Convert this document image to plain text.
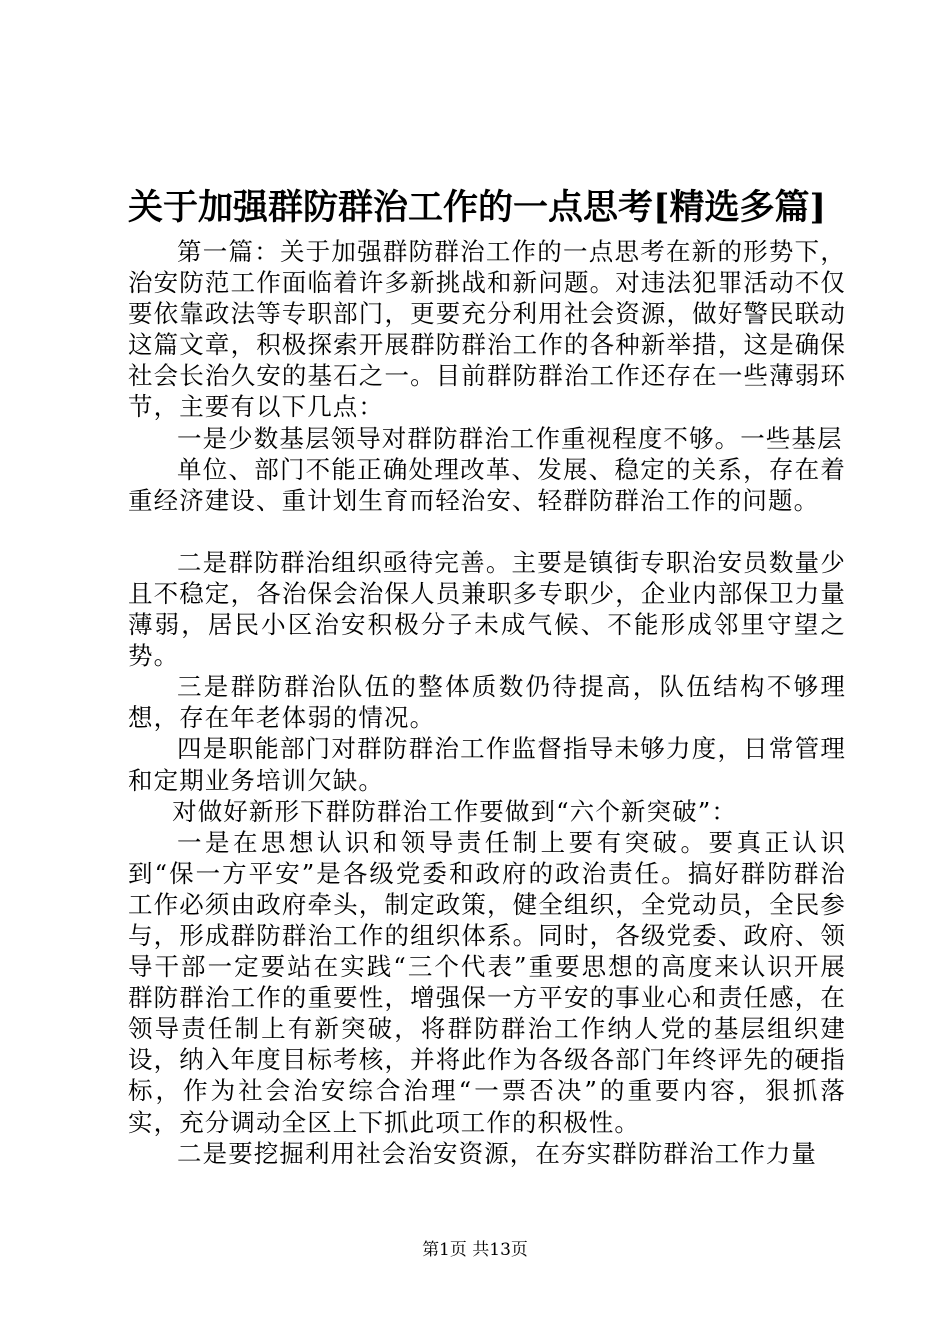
关于加强群防群治工作的一点思考[精选多篇]

第一篇：关于加强群防群治工作的一点思考在新的形势下，治安防范工作面临着许多新挑战和新问题。对违法犯罪活动不仅要依靠政法等专职部门，更要充分利用社会资源，做好警民联动这篇文章，积极探索开展群防群治工作的各种新举措，这是确保社会长治久安的基石之一。目前群防群治工作还存在一些薄弱环节，主要有以下几点：

一是少数基层领导对群防群治工作重视程度不够。一些基层

单位、部门不能正确处理改革、发展、稳定的关系，存在着重经济建设、重计划生育而轻治安、轻群防群治工作的问题。

二是群防群治组织亟待完善。主要是镇街专职治安员数量少且不稳定，各治保会治保人员兼职多专职少，企业内部保卫力量薄弱，居民小区治安积极分子未成气候、不能形成邻里守望之势。

三是群防群治队伍的整体质数仍待提高，队伍结构不够理想，存在年老体弱的情况。

四是职能部门对群防群治工作监督指导未够力度，日常管理和定期业务培训欠缺。

对做好新形下群防群治工作要做到“六个新突破”：

一是在思想认识和领导责任制上要有突破。要真正认识到“保一方平安”是各级党委和政府的政治责任。搞好群防群治工作必须由政府牵头，制定政策，健全组织，全党动员，全民参与，形成群防群治工作的组织体系。同时，各级党委、政府、领导干部一定要站在实践“三个代表”重要思想的高度来认识开展群防群治工作的重要性，增强保一方平安的事业心和责任感，在领导责任制上有新突破，将群防群治工作纳人党的基层组织建设，纳入年度目标考核，并将此作为各级各部门年终评先的硬指标，作为社会治安综合治理“一票否决”的重要内容，狠抓落实，充分调动全区上下抓此项工作的积极性。

二是要挖掘利用社会治安资源，在夯实群防群治工作力量

第1页 共13页
